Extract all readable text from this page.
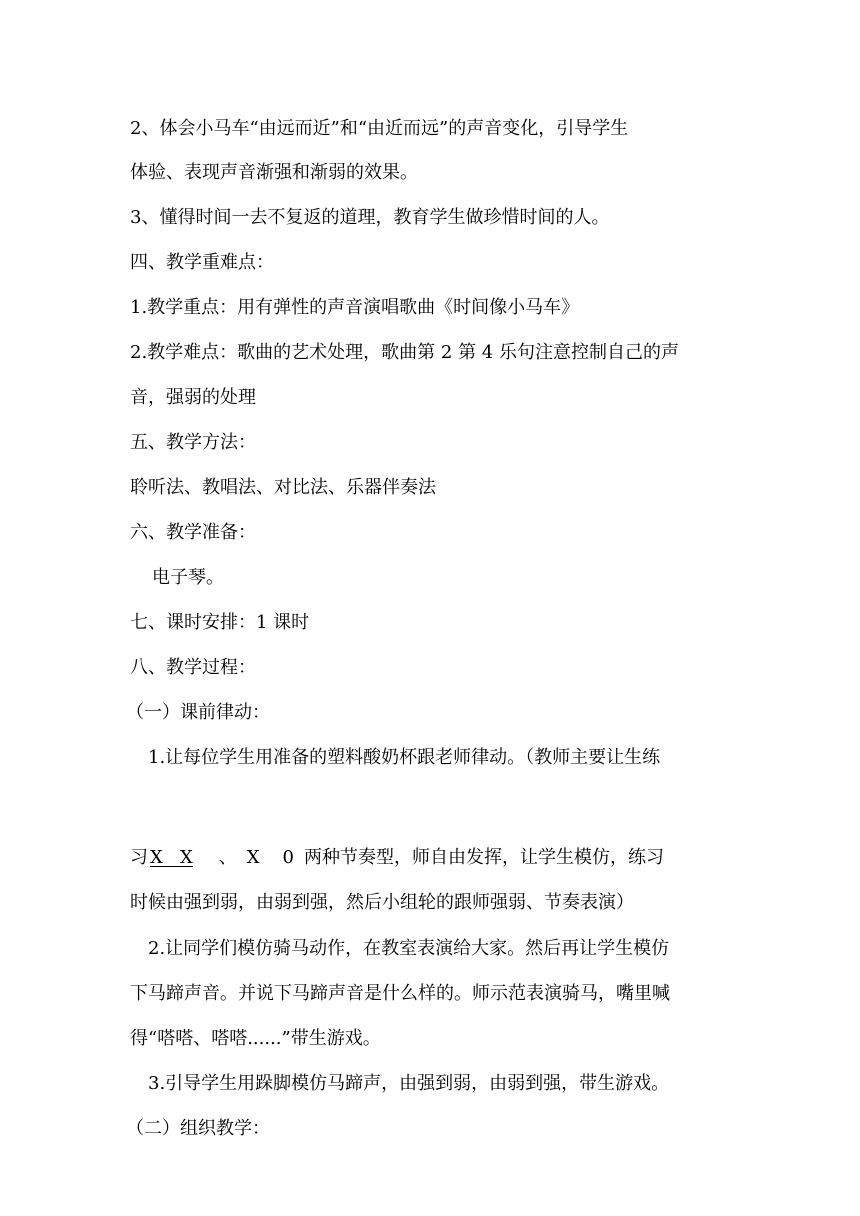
2、体会小马车“由远而近”和“由近而远”的声音变化，引导学生
体验、表现声音渐强和渐弱的效果。
3、懂得时间一去不复返的道理，教育学生做珍惜时间的人。
四、教学重难点：
1.教学重点：用有弹性的声音演唱歌曲《时间像小马车》
2.教学难点：歌曲的艺术处理，歌曲第 2 第 4 乐句注意控制自己的声
音，强弱的处理
五、教学方法：
聆听法、教唱法、对比法、乐器伴奏法
六、教学准备：
电子琴。
七、课时安排：1 课时
八、教学过程：
（一）课前律动：
1.让每位学生用准备的塑料酸奶杯跟老师律动。（教师主要让生练
习 X   X 、 X    0 两种节奏型，师自由发挥，让学生模仿，练习
时候由强到弱，由弱到强，然后小组轮的跟师强弱、节奏表演）
2.让同学们模仿骑马动作，在教室表演给大家。然后再让学生模仿
下马蹄声音。并说下马蹄声音是什么样的。师示范表演骑马，嘴里喊
得“嗒嗒、嗒嗒......”带生游戏。
3.引导学生用跺脚模仿马蹄声，由强到弱，由弱到强，带生游戏。
（二）组织教学：
